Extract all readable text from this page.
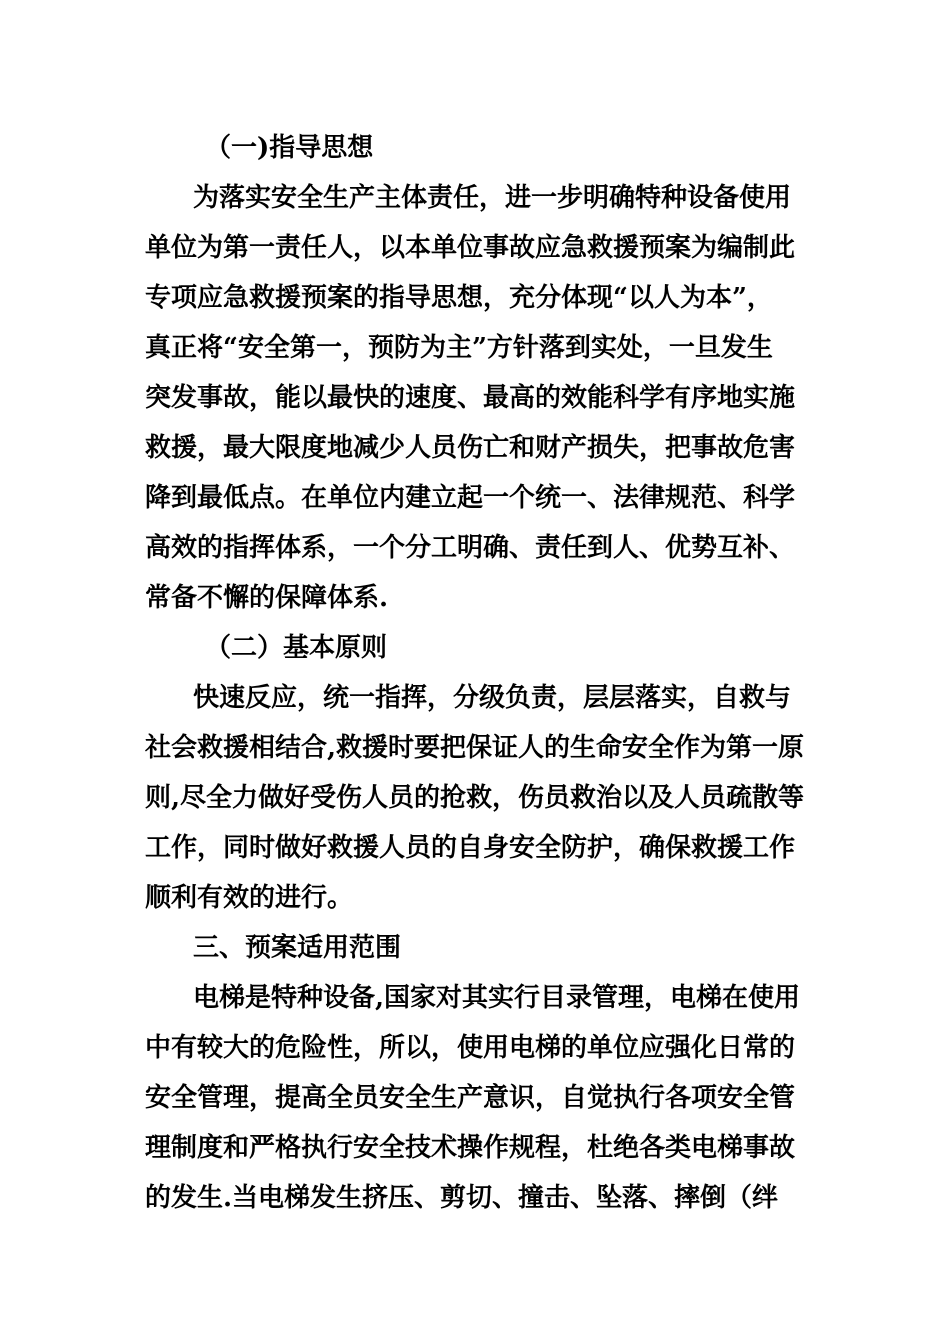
（一)指导思想
为落实安全生产主体责任，进一步明确特种设备使用
单位为第一责任人，以本单位事故应急救援预案为编制此
专项应急救援预案的指导思想，充分体现“以人为本”，
真正将“安全第一，预防为主”方针落到实处，一旦发生
突发事故，能以最快的速度、最高的效能科学有序地实施
救援，最大限度地减少人员伤亡和财产损失，把事故危害
降到最低点。在单位内建立起一个统一、法律规范、科学
高效的指挥体系，一个分工明确、责任到人、优势互补、
常备不懈的保障体系.
（二）基本原则
快速反应，统一指挥，分级负责，层层落实，自救与
社会救援相结合,救援时要把保证人的生命安全作为第一原
则,尽全力做好受伤人员的抢救，伤员救治以及人员疏散等
工作，同时做好救援人员的自身安全防护，确保救援工作
顺利有效的进行。
三、预案适用范围
电梯是特种设备,国家对其实行目录管理，电梯在使用
中有较大的危险性，所以，使用电梯的单位应强化日常的
安全管理，提高全员安全生产意识，自觉执行各项安全管
理制度和严格执行安全技术操作规程，杜绝各类电梯事故
的发生.当电梯发生挤压、剪切、撞击、坠落、摔倒（绊
